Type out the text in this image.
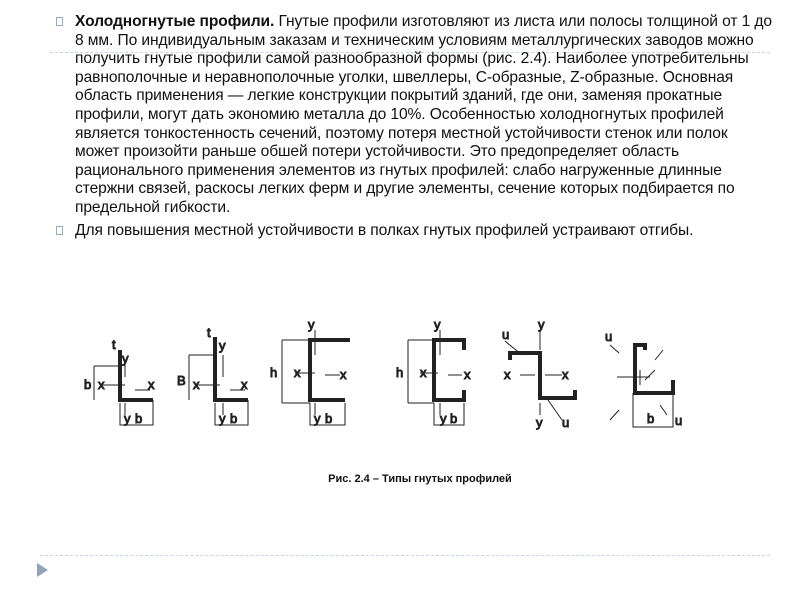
Холодногнутые профили. Гнутые профили изготовляют из листа или полосы толщиной от 1 до 8 мм. По индивидуальным заказам и техническим условиям металлургических заводов можно получить гнутые профили самой разнообразной формы (рис. 2.4). Наиболее употребительны равнополочные и неравнополочные уголки, швеллеры, С-образные, Z-образные. Основная область применения — легкие конструкции покрытий зданий, где они, заменяя прокатные профили, могут дать экономию металла до 10%. Особенностью холодногнутых профилей является тонкостенность сечений, поэтому потеря местной устойчивости стенок или полок может произойти раньше обшей потери устойчивости. Это предопределяет область рационального применения элементов из гнутых профилей: слабо нагруженные длинные стержни связей, раскосы легких ферм и другие элементы, сечение которых подбирается по предельной гибкости.
Для повышения местной устойчивости в полках гнутых профилей устраивают отгибы.
t
y
x	x
b
y b
t
y
x	x
B
y b
y
x	x
h
y b
y
x	x
h
y b
u
y
x	x
y u
u
b u
Рис. 2.4 – Типы гнутых профилей
